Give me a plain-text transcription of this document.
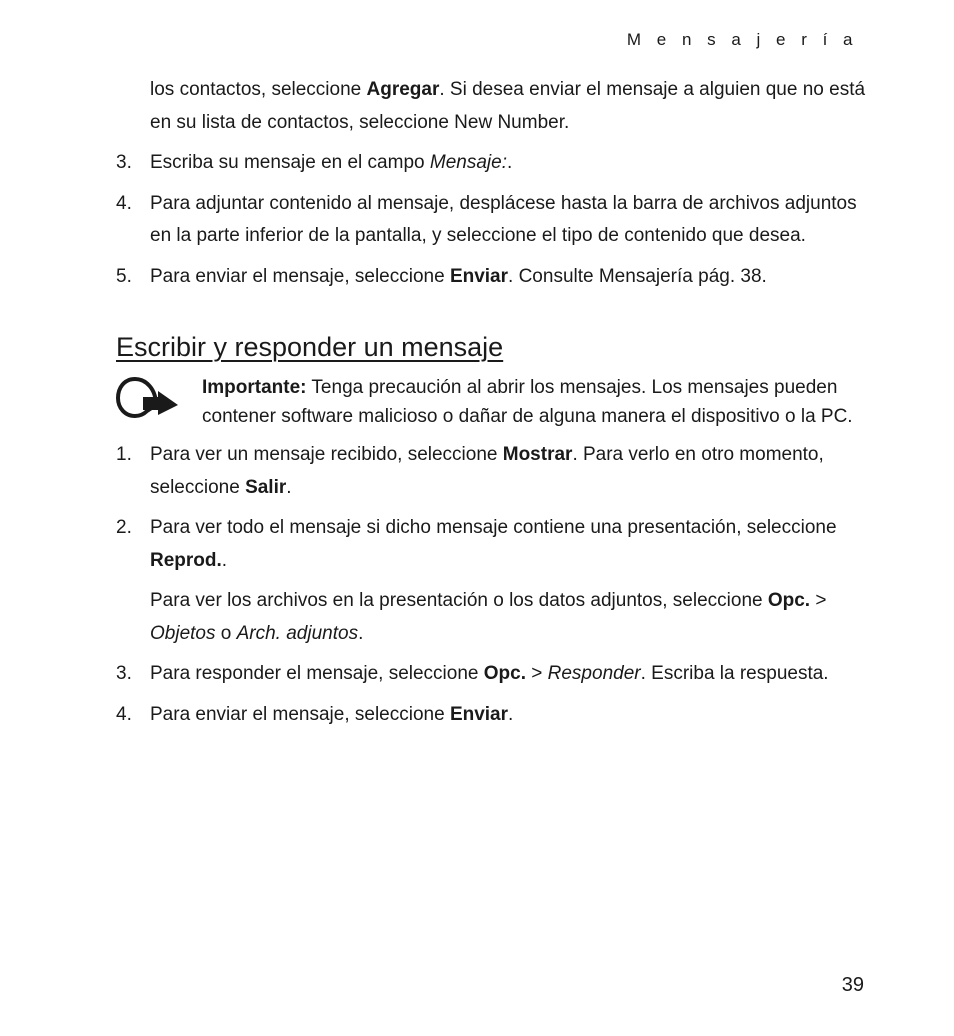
M e n s a j e r í a
los contactos, seleccione Agregar. Si desea enviar el mensaje a alguien que no está en su lista de contactos, seleccione New Number.
3. Escriba su mensaje en el campo Mensaje:.
4. Para adjuntar contenido al mensaje, desplácese hasta la barra de archivos adjuntos en la parte inferior de la pantalla, y seleccione el tipo de contenido que desea.
5. Para enviar el mensaje, seleccione Enviar. Consulte Mensajería pág. 38.
Escribir y responder un mensaje
Importante: Tenga precaución al abrir los mensajes. Los mensajes pueden contener software malicioso o dañar de alguna manera el dispositivo o la PC.
1. Para ver un mensaje recibido, seleccione Mostrar. Para verlo en otro momento, seleccione Salir.
2. Para ver todo el mensaje si dicho mensaje contiene una presentación, seleccione Reprod..
Para ver los archivos en la presentación o los datos adjuntos, seleccione Opc. > Objetos o Arch. adjuntos.
3. Para responder el mensaje, seleccione Opc. > Responder. Escriba la respuesta.
4. Para enviar el mensaje, seleccione Enviar.
39
